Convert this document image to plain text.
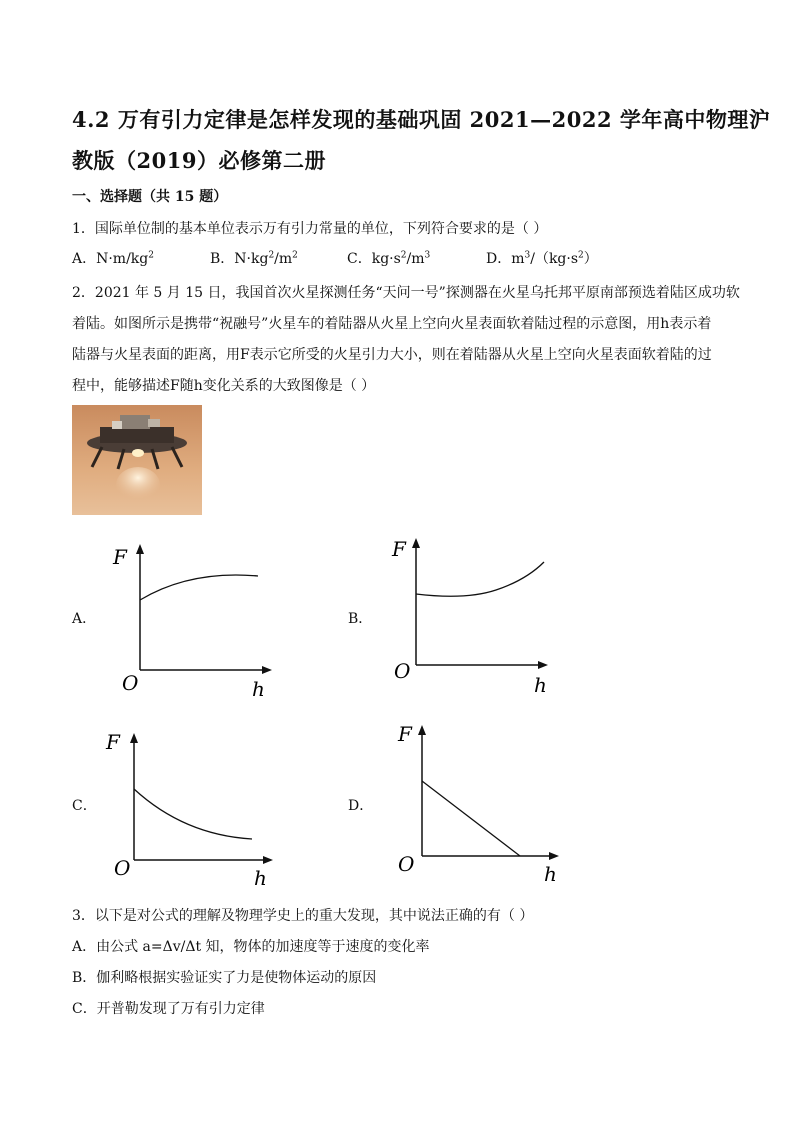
4.2 万有引力定律是怎样发现的基础巩固 2021—2022 学年高中物理沪
教版（2019）必修第二册
一、选择题（共 15 题）
1．国际单位制的基本单位表示万有引力常量的单位，下列符合要求的是（ ）
A．$N\cdot m/kg^2$	B．$N\cdot kg^2/m^2$	C．$kg\cdot s^2/m^3$	D．$m^3/(kg\cdot s^2)$
2．2021 年 5 月 15 日，我国首次火星探测任务“天问一号”探测器在火星乌托邦平原南部预选着陆区成功软
着陆。如图所示是携带“祝融号”火星车的着陆器从火星上空向火星表面软着陆过程的示意图，用h表示着
陆器与火星表面的距离，用F表示它所受的火星引力大小，则在着陆器从火星上空向火星表面软着陆的过
程中，能够描述F随h变化关系的大致图像是（ ）
A．
F
O	h
B．
F
O
h
C．
F
O	h
D．
F
O	h
3．以下是对公式的理解及物理学史上的重大发现，其中说法正确的有（ ）
A．由公式 a=Δv/Δt 知，物体的加速度等于速度的变化率
B．伽利略根据实验证实了力是使物体运动的原因
C．开普勒发现了万有引力定律
